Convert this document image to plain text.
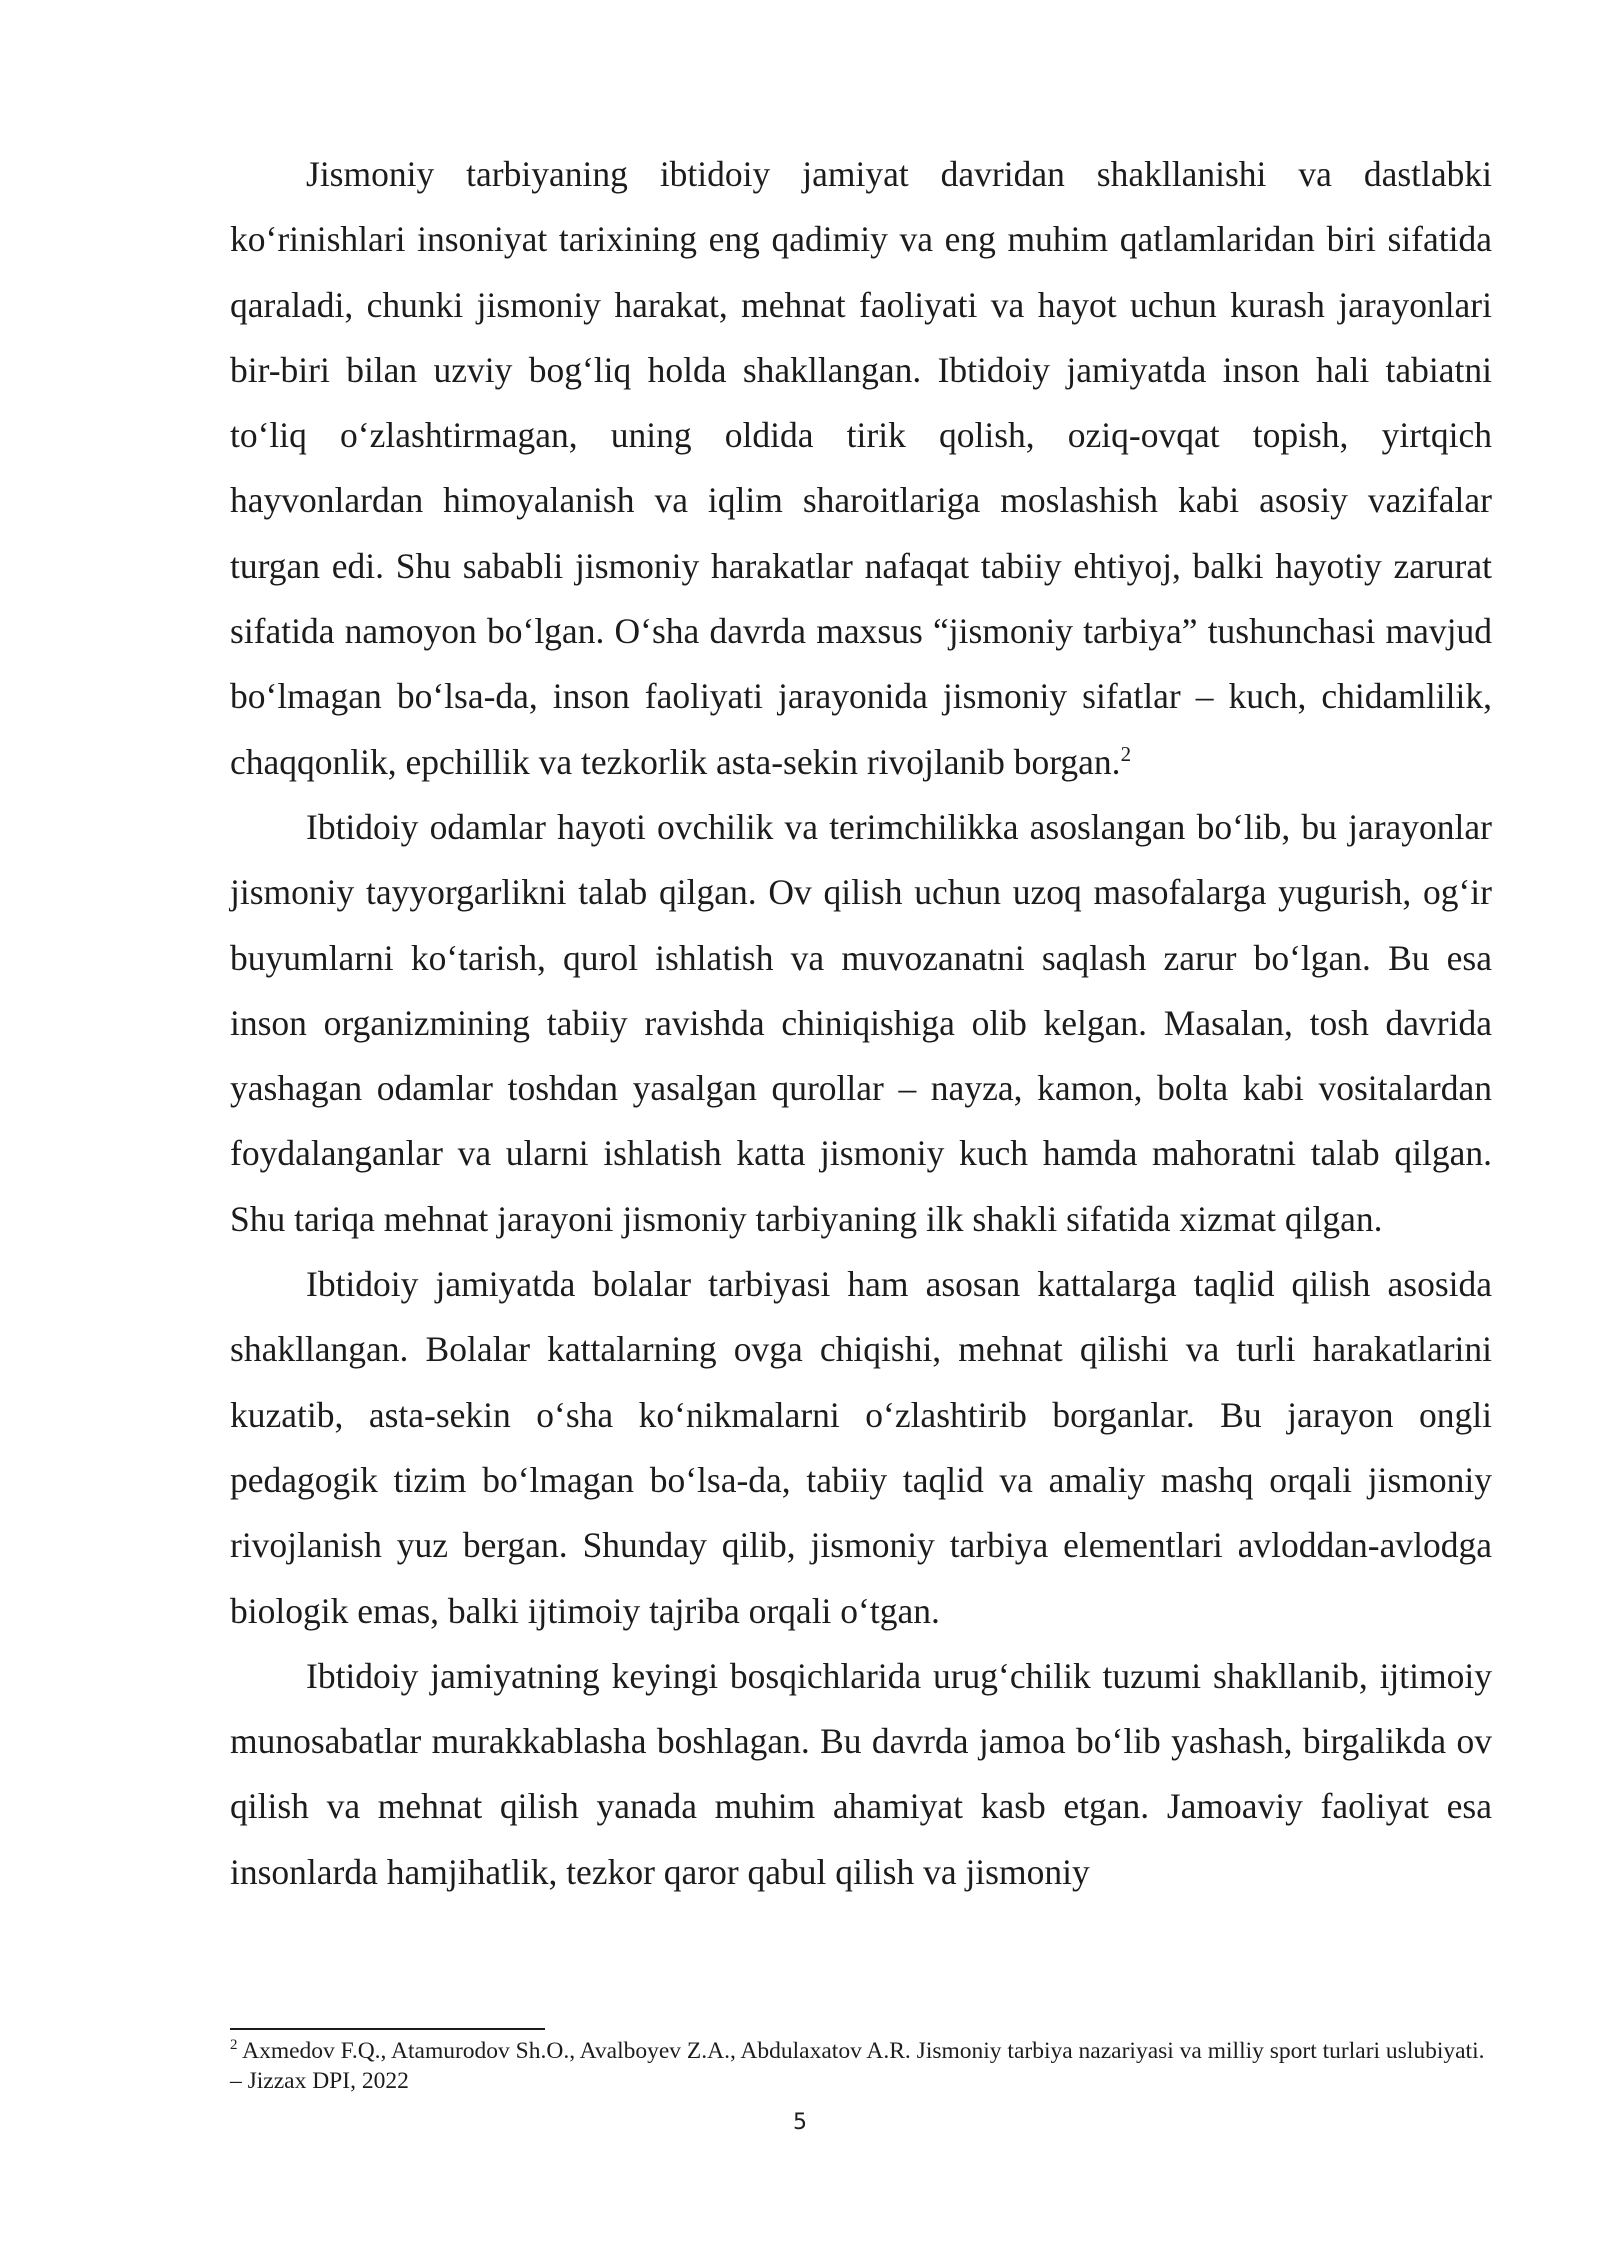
Jismoniy tarbiyaning ibtidoiy jamiyat davridan shakllanishi va dastlabki koʻrinishlari insoniyat tarixining eng qadimiy va eng muhim qatlamlaridan biri sifatida qaraladi, chunki jismoniy harakat, mehnat faoliyati va hayot uchun kurash jarayonlari bir-biri bilan uzviy bogʻliq holda shakllangan. Ibtidoiy jamiyatda inson hali tabiatni toʻliq oʻzlashtirmagan, uning oldida tirik qolish, oziq-ovqat topish, yirtqich hayvonlardan himoyalanish va iqlim sharoitlariga moslashish kabi asosiy vazifalar turgan edi. Shu sababli jismoniy harakatlar nafaqat tabiiy ehtiyoj, balki hayotiy zarurat sifatida namoyon boʻlgan. Oʻsha davrda maxsus “jismoniy tarbiya” tushunchasi mavjud boʻlmagan boʻlsa-da, inson faoliyati jarayonida jismoniy sifatlar – kuch, chidamlilik, chaqqonlik, epchillik va tezkorlik asta-sekin rivojlanib borgan.$^2$

Ibtidoiy odamlar hayoti ovchilik va terimchilikka asoslangan boʻlib, bu jarayonlar jismoniy tayyorgarlikni talab qilgan. Ov qilish uchun uzoq masofalarga yugurish, ogʻir buyumlarni koʻtarish, qurol ishlatish va muvozanatni saqlash zarur boʻlgan. Bu esa inson organizmining tabiiy ravishda chiniqishiga olib kelgan. Masalan, tosh davrida yashagan odamlar toshdan yasalgan qurollar – nayza, kamon, bolta kabi vositalardan foydalanganlar va ularni ishlatish katta jismoniy kuch hamda mahoratni talab qilgan. Shu tariqa mehnat jarayoni jismoniy tarbiyaning ilk shakli sifatida xizmat qilgan.

Ibtidoiy jamiyatda bolalar tarbiyasi ham asosan kattalarga taqlid qilish asosida shakllangan. Bolalar kattalarning ovga chiqishi, mehnat qilishi va turli harakatlarini kuzatib, asta-sekin oʻsha koʻnikmalarni oʻzlashtirib borganlar. Bu jarayon ongli pedagogik tizim boʻlmagan boʻlsa-da, tabiiy taqlid va amaliy mashq orqali jismoniy rivojlanish yuz bergan. Shunday qilib, jismoniy tarbiya elementlari avloddan-avlodga biologik emas, balki ijtimoiy tajriba orqali oʻtgan.

Ibtidoiy jamiyatning keyingi bosqichlarida urugʻchilik tuzumi shakllanib, ijtimoiy munosabatlar murakkablasha boshlagan. Bu davrda jamoa boʻlib yashash, birgalikda ov qilish va mehnat qilish yanada muhim ahamiyat kasb etgan. Jamoaviy faoliyat esa insonlarda hamjihatlik, tezkor qaror qabul qilish va jismoniy

$^2$ Axmedov F.Q., Atamurodov Sh.O., Avalboyev Z.A., Abdulaxatov A.R. Jismoniy tarbiya nazariyasi va milliy sport turlari uslubiyati. – Jizzax DPI, 2022

5
